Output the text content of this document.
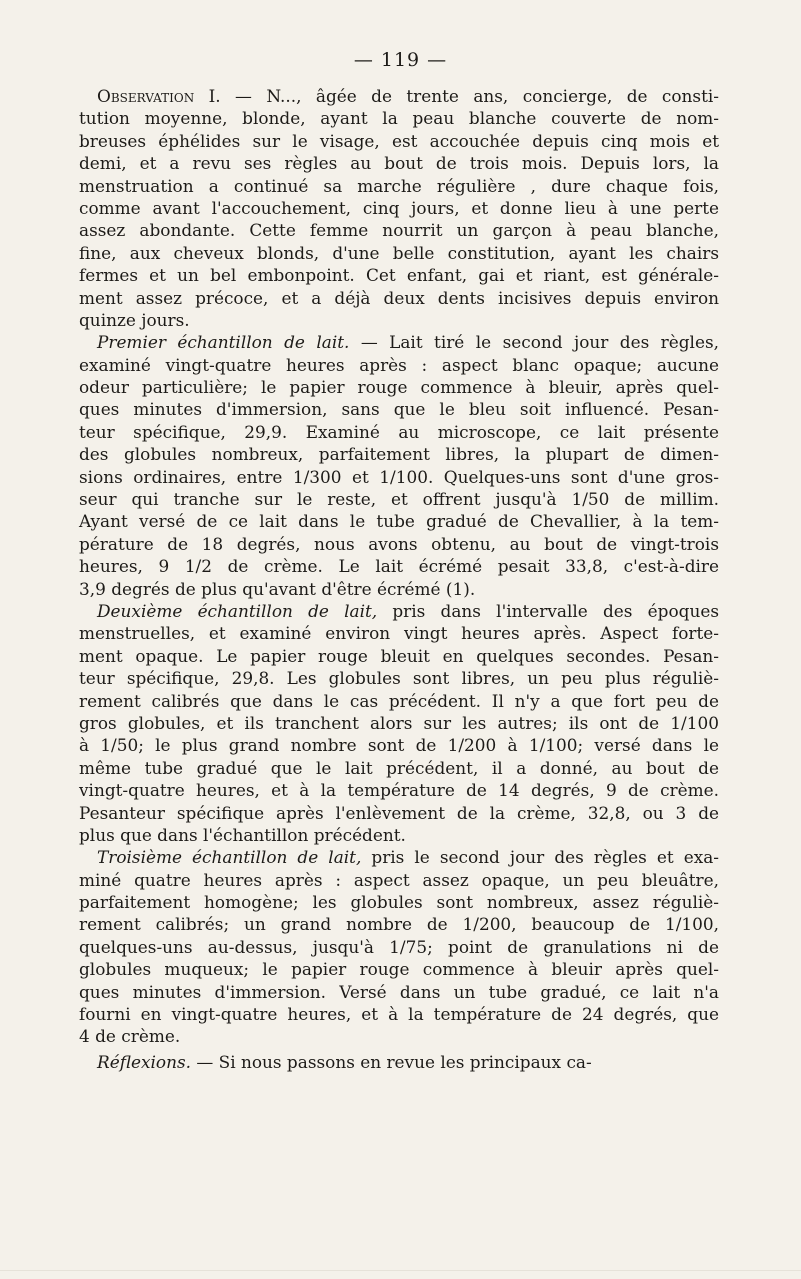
— 119 —
Observation I. — N..., âgée de trente ans, concierge, de consti-
tution moyenne, blonde, ayant la peau blanche couverte de nom-
breuses éphélides sur le visage, est accouchée depuis cinq mois et
demi, et a revu ses règles au bout de trois mois. Depuis lors, la
menstruation a continué sa marche régulière , dure chaque fois,
comme avant l'accouchement, cinq jours, et donne lieu à une perte
assez abondante. Cette femme nourrit un garçon à peau blanche,
fine, aux cheveux blonds, d'une belle constitution, ayant les chairs
fermes et un bel embonpoint. Cet enfant, gai et riant, est générale-
ment assez précoce, et a déjà deux dents incisives depuis environ
quinze jours.
Premier échantillon de lait. — Lait tiré le second jour des règles,
examiné vingt-quatre heures après : aspect blanc opaque; aucune
odeur particulière; le papier rouge commence à bleuir, après quel-
ques minutes d'immersion, sans que le bleu soit influencé. Pesan-
teur spécifique, 29,9. Examiné au microscope, ce lait présente
des globules nombreux, parfaitement libres, la plupart de dimen-
sions ordinaires, entre 1/300 et 1/100. Quelques-uns sont d'une gros-
seur qui tranche sur le reste, et offrent jusqu'à 1/50 de millim.
Ayant versé de ce lait dans le tube gradué de Chevallier, à la tem-
pérature de 18 degrés, nous avons obtenu, au bout de vingt-trois
heures, 9 1/2 de crème. Le lait écrémé pesait 33,8, c'est-à-dire
3,9 degrés de plus qu'avant d'être écrémé (1).
Deuxième échantillon de lait, pris dans l'intervalle des époques
menstruelles, et examiné environ vingt heures après. Aspect forte-
ment opaque. Le papier rouge bleuit en quelques secondes. Pesan-
teur spécifique, 29,8. Les globules sont libres, un peu plus réguliè-
rement calibrés que dans le cas précédent. Il n'y a que fort peu de
gros globules, et ils tranchent alors sur les autres; ils ont de 1/100
à 1/50; le plus grand nombre sont de 1/200 à 1/100; versé dans le
même tube gradué que le lait précédent, il a donné, au bout de
vingt-quatre heures, et à la température de 14 degrés, 9 de crème.
Pesanteur spécifique après l'enlèvement de la crème, 32,8, ou 3 de
plus que dans l'échantillon précédent.
Troisième échantillon de lait, pris le second jour des règles et exa-
miné quatre heures après : aspect assez opaque, un peu bleuâtre,
parfaitement homogène; les globules sont nombreux, assez réguliè-
rement calibrés; un grand nombre de 1/200, beaucoup de 1/100,
quelques-uns au-dessus, jusqu'à 1/75; point de granulations ni de
globules muqueux; le papier rouge commence à bleuir après quel-
ques minutes d'immersion. Versé dans un tube gradué, ce lait n'a
fourni en vingt-quatre heures, et à la température de 24 degrés, que
4 de crème.
Réflexions. — Si nous passons en revue les principaux ca-
